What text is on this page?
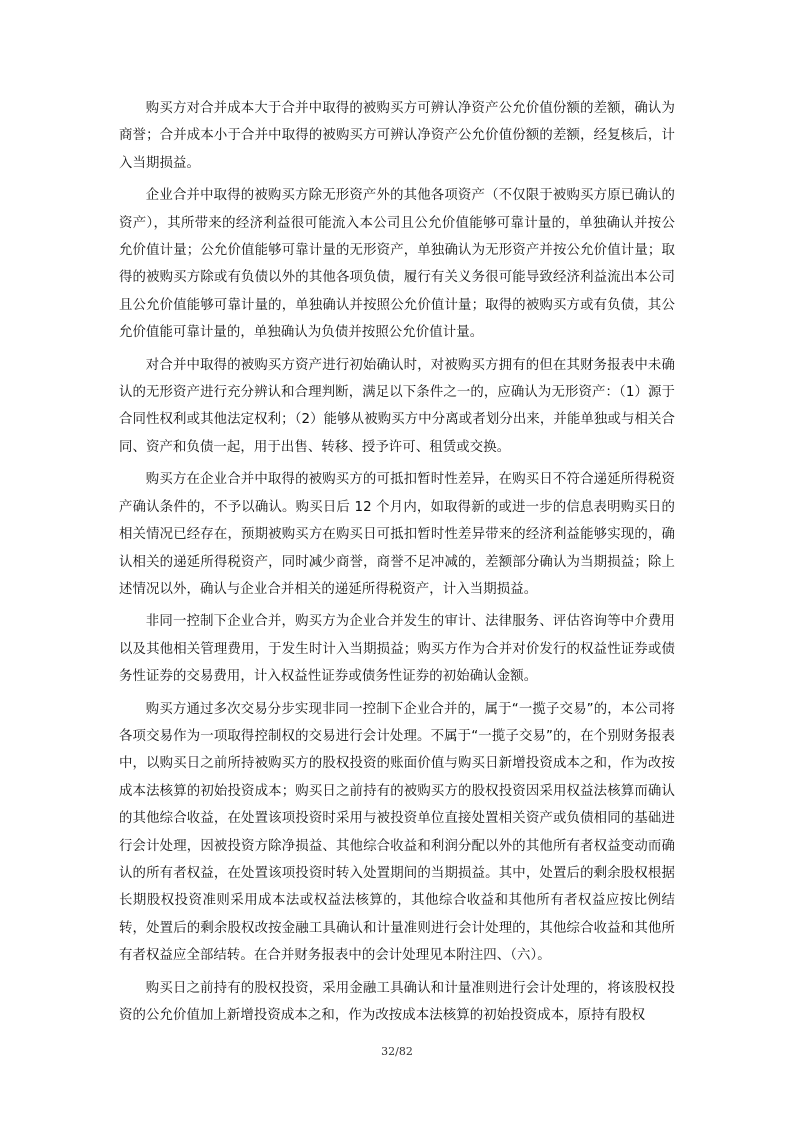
购买方对合并成本大于合并中取得的被购买方可辨认净资产公允价值份额的差额，确认为商誉；合并成本小于合并中取得的被购买方可辨认净资产公允价值份额的差额，经复核后，计入当期损益。

企业合并中取得的被购买方除无形资产外的其他各项资产（不仅限于被购买方原已确认的资产），其所带来的经济利益很可能流入本公司且公允价值能够可靠计量的，单独确认并按公允价值计量；公允价值能够可靠计量的无形资产，单独确认为无形资产并按公允价值计量；取得的被购买方除或有负债以外的其他各项负债，履行有关义务很可能导致经济利益流出本公司且公允价值能够可靠计量的，单独确认并按照公允价值计量；取得的被购买方或有负债，其公允价值能可靠计量的，单独确认为负债并按照公允价值计量。

对合并中取得的被购买方资产进行初始确认时，对被购买方拥有的但在其财务报表中未确认的无形资产进行充分辨认和合理判断，满足以下条件之一的，应确认为无形资产：（1）源于合同性权利或其他法定权利；（2）能够从被购买方中分离或者划分出来，并能单独或与相关合同、资产和负债一起，用于出售、转移、授予许可、租赁或交换。

购买方在企业合并中取得的被购买方的可抵扣暂时性差异，在购买日不符合递延所得税资产确认条件的，不予以确认。购买日后 12 个月内，如取得新的或进一步的信息表明购买日的相关情况已经存在，预期被购买方在购买日可抵扣暂时性差异带来的经济利益能够实现的，确认相关的递延所得税资产，同时减少商誉，商誉不足冲减的，差额部分确认为当期损益；除上述情况以外，确认与企业合并相关的递延所得税资产，计入当期损益。

非同一控制下企业合并，购买方为企业合并发生的审计、法律服务、评估咨询等中介费用以及其他相关管理费用，于发生时计入当期损益；购买方作为合并对价发行的权益性证券或债务性证券的交易费用，计入权益性证券或债务性证券的初始确认金额。

购买方通过多次交易分步实现非同一控制下企业合并的，属于“一揽子交易”的，本公司将各项交易作为一项取得控制权的交易进行会计处理。不属于“一揽子交易”的，在个别财务报表中，以购买日之前所持被购买方的股权投资的账面价值与购买日新增投资成本之和，作为改按成本法核算的初始投资成本；购买日之前持有的被购买方的股权投资因采用权益法核算而确认的其他综合收益，在处置该项投资时采用与被投资单位直接处置相关资产或负债相同的基础进行会计处理，因被投资方除净损益、其他综合收益和利润分配以外的其他所有者权益变动而确认的所有者权益，在处置该项投资时转入处置期间的当期损益。其中，处置后的剩余股权根据长期股权投资准则采用成本法或权益法核算的，其他综合收益和其他所有者权益应按比例结转，处置后的剩余股权改按金融工具确认和计量准则进行会计处理的，其他综合收益和其他所有者权益应全部结转。在合并财务报表中的会计处理见本附注四、（六）。

购买日之前持有的股权投资，采用金融工具确认和计量准则进行会计处理的，将该股权投资的公允价值加上新增投资成本之和，作为改按成本法核算的初始投资成本，原持有股权

32/82
